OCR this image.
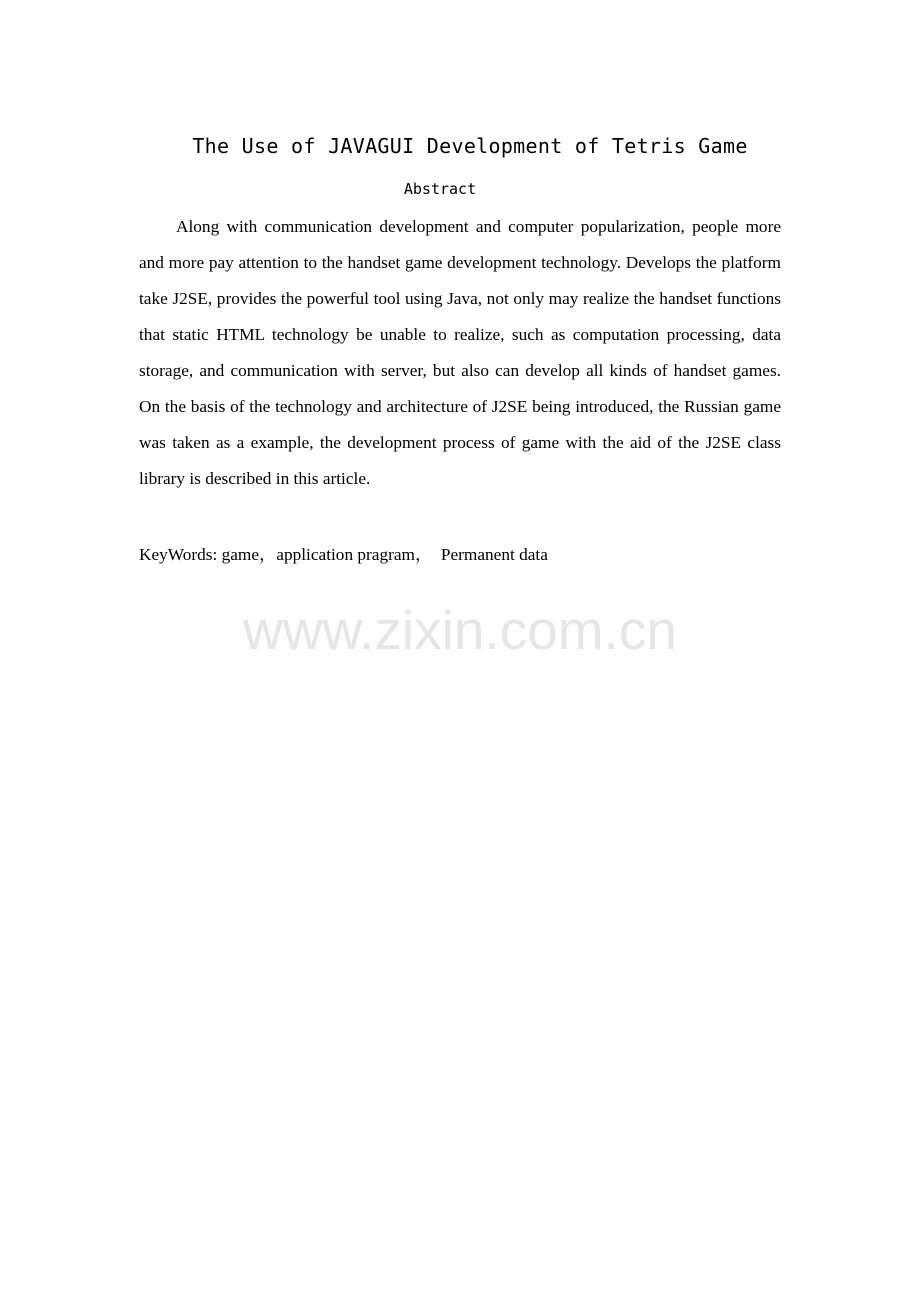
The Use of JAVAGUI Development of Tetris Game
Abstract

Along with communication development and computer popularization, people more and more pay attention to the handset game development technology. Develops the platform take J2SE, provides the powerful tool using Java, not only may realize the handset functions that static HTML technology be unable to realize, such as computation processing, data storage, and communication with server, but also can develop all kinds of handset games. On the basis of the technology and architecture of J2SE being introduced, the Russian game was taken as a example, the development process of game with the aid of the J2SE class library is described in this article.

KeyWords: game，application pragram，  Permanent data

www.zixin.com.cn
